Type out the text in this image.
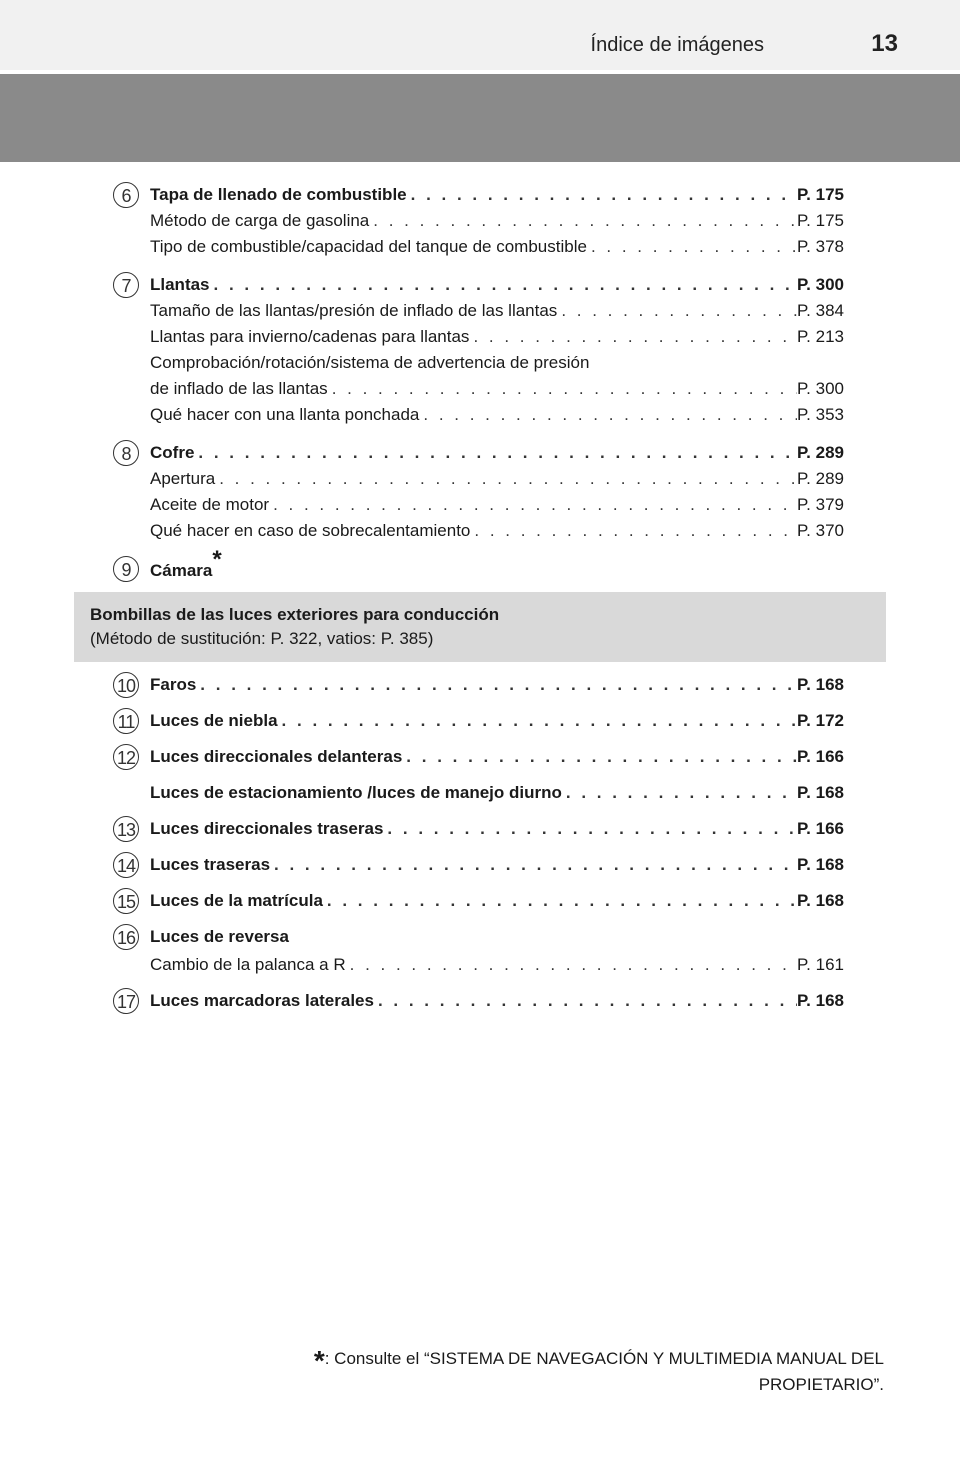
Índice de imágenes	13
6	Tapa de llenado de combustible . . .	P. 175
Método de carga de gasolina . . .	P. 175
Tipo de combustible/capacidad del tanque de combustible . . .	P. 378
7	Llantas . . .	P. 300
Tamaño de las llantas/presión de inflado de las llantas . . .	P. 384
Llantas para invierno/cadenas para llantas . . .	P. 213
Comprobación/rotación/sistema de advertencia de presión
de inflado de las llantas . . .	P. 300
Qué hacer con una llanta ponchada . . .	P. 353
8	Cofre . . .	P. 289
Apertura . . .	P. 289
Aceite de motor . . .	P. 379
Qué hacer en caso de sobrecalentamiento . . .	P. 370
9	Cámara*
Bombillas de las luces exteriores para conducción
(Método de sustitución: P. 322, vatios: P. 385)
10 Faros . . .	P. 168
11 Luces de niebla . . .	P. 172
12 Luces direccionales delanteras . . .	P. 166
Luces de estacionamiento /luces de manejo diurno . . .	P. 168
13 Luces direccionales traseras . . .	P. 166
14 Luces traseras . . .	P. 168
15 Luces de la matrícula . . .	P. 168
16 Luces de reversa
Cambio de la palanca a R . . .	P. 161
17 Luces marcadoras laterales . . .	P. 168
*: Consulte el “SISTEMA DE NAVEGACIÓN Y MULTIMEDIA MANUAL DEL
PROPIETARIO”.
